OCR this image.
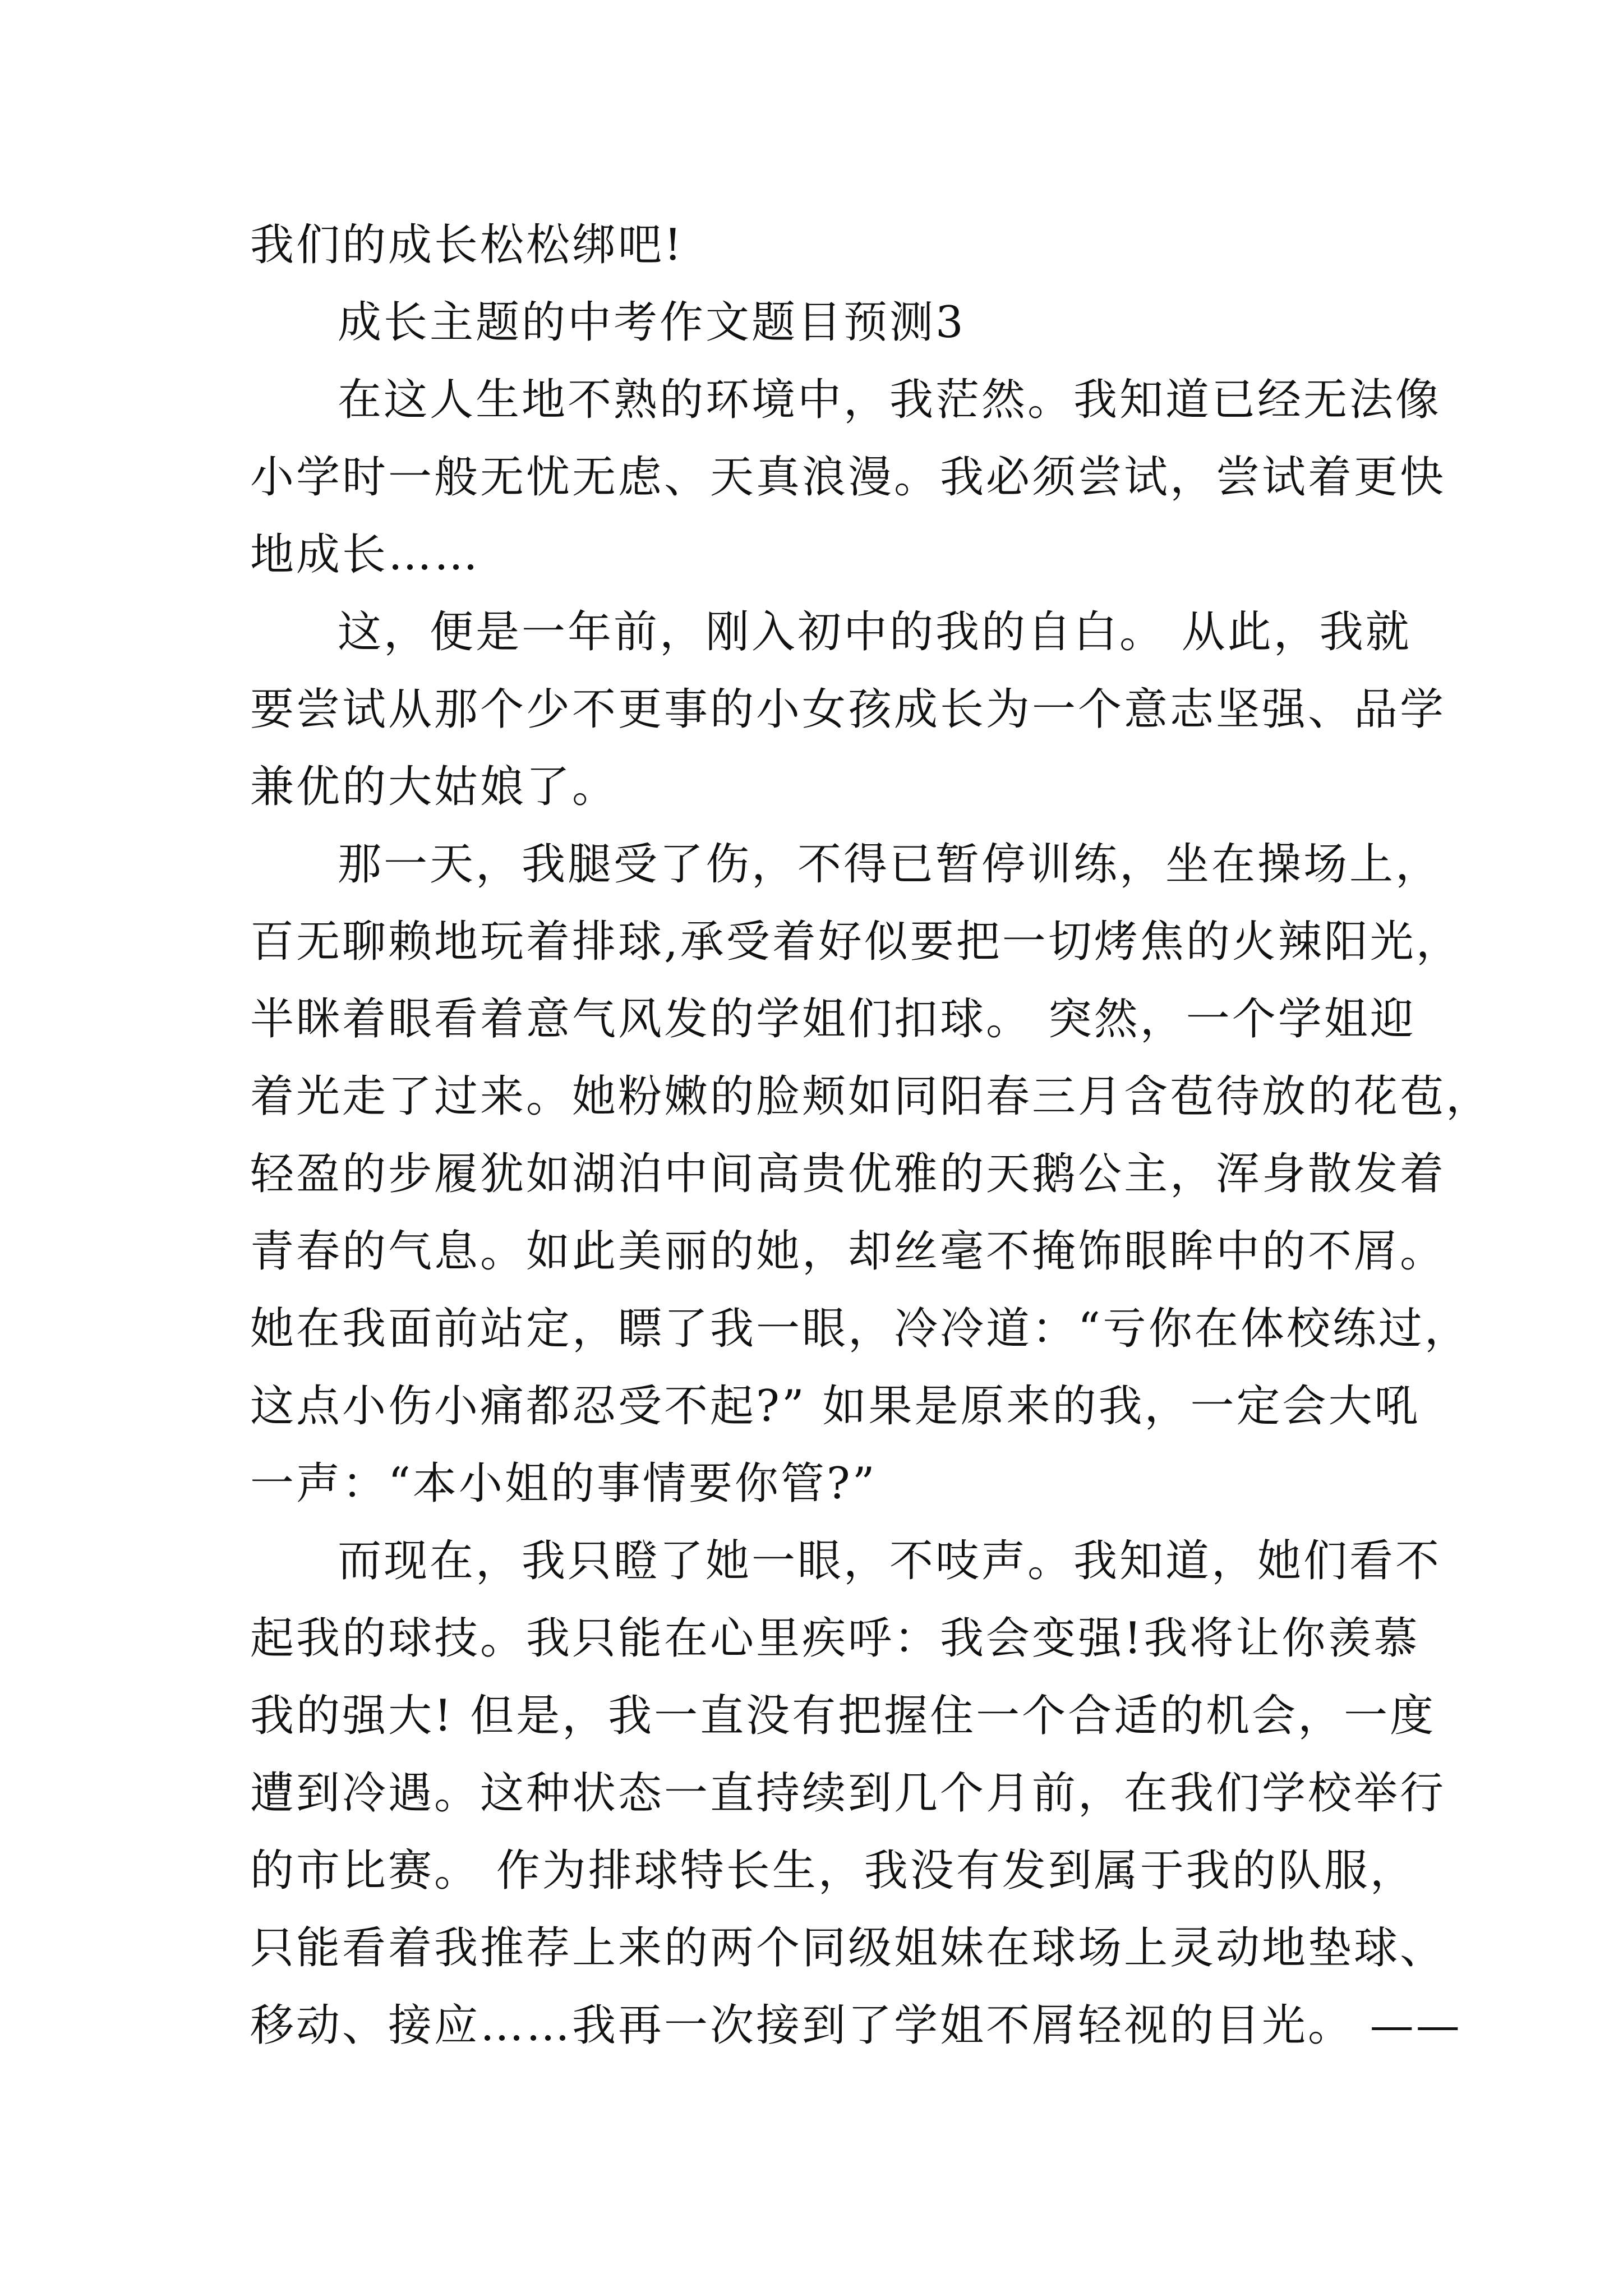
我们的成长松松绑吧!
成长主题的中考作文题目预测3
在这人生地不熟的环境中，我茫然。我知道已经无法像
小学时一般无忧无虑、天真浪漫。我必须尝试，尝试着更快
地成长……
这，便是一年前，刚入初中的我的自白。 从此，我就
要尝试从那个少不更事的小女孩成长为一个意志坚强、品学
兼优的大姑娘了。
那一天，我腿受了伤，不得已暂停训练，坐在操场上，
百无聊赖地玩着排球,承受着好似要把一切烤焦的火辣阳光，
半眯着眼看着意气风发的学姐们扣球。 突然，一个学姐迎
着光走了过来。她粉嫩的脸颊如同阳春三月含苞待放的花苞，
轻盈的步履犹如湖泊中间高贵优雅的天鹅公主，浑身散发着
青春的气息。如此美丽的她，却丝毫不掩饰眼眸中的不屑。
她在我面前站定，瞟了我一眼，冷冷道：“亏你在体校练过，
这点小伤小痛都忍受不起?” 如果是原来的我，一定会大吼
一声：“本小姐的事情要你管?”
而现在，我只瞪了她一眼，不吱声。我知道，她们看不
起我的球技。我只能在心里疾呼：我会变强!我将让你羡慕
我的强大! 但是，我一直没有把握住一个合适的机会，一度
遭到冷遇。这种状态一直持续到几个月前，在我们学校举行
的市比赛。 作为排球特长生，我没有发到属于我的队服，
只能看着我推荐上来的两个同级姐妹在球场上灵动地垫球、
移动、接应……我再一次接到了学姐不屑轻视的目光。 ——
